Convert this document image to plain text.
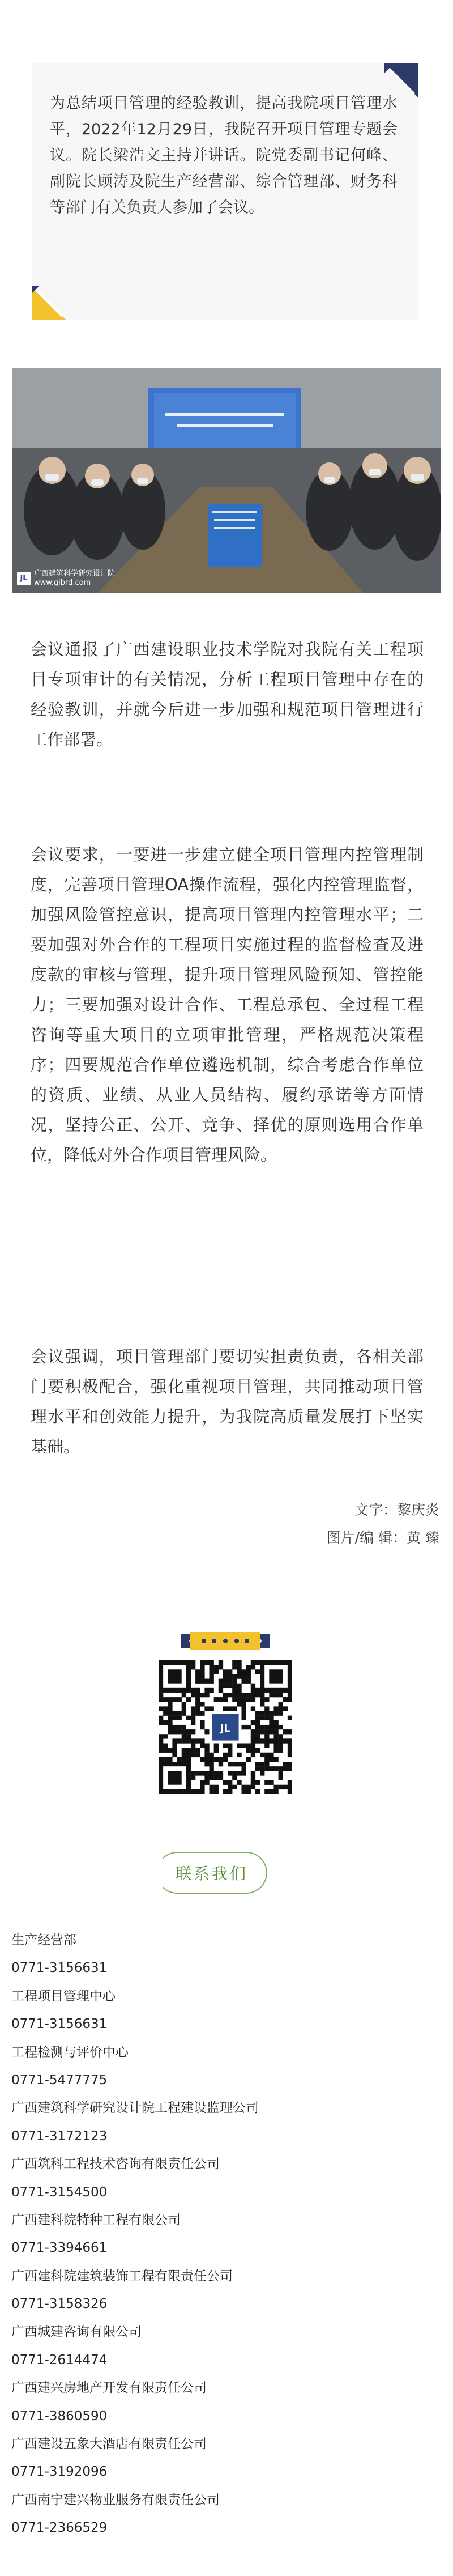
为总结项目管理的经验教训，提高我院项目管理水平，2022年12月29日，我院召开项目管理专题会议。院长梁浩文主持并讲话。院党委副书记何峰、副院长顾涛及院生产经营部、综合管理部、财务科等部门有关负责人参加了会议。
JL
广西建筑科学研究设计院
www.gibrd.com
会议通报了广西建设职业技术学院对我院有关工程项目专项审计的有关情况，分析工程项目管理中存在的经验教训，并就今后进一步加强和规范项目管理进行工作部署。
会议要求，一要进一步建立健全项目管理内控管理制度，完善项目管理OA操作流程，强化内控管理监督，加强风险管控意识，提高项目管理内控管理水平；二要加强对外合作的工程项目实施过程的监督检查及进度款的审核与管理，提升项目管理风险预知、管控能力；三要加强对设计合作、工程总承包、全过程工程咨询等重大项目的立项审批管理，严格规范决策程序；四要规范合作单位遴选机制，综合考虑合作单位的资质、业绩、从业人员结构、履约承诺等方面情况，坚持公正、公开、竞争、择优的原则选用合作单位，降低对外合作项目管理风险。
会议强调，项目管理部门要切实担责负责，各相关部门要积极配合，强化重视项目管理，共同推动项目管理水平和创效能力提升，为我院高质量发展打下坚实基础。
文字：黎庆炎
图片/编 辑：黄 臻
JL
联系我们
生产经营部
0771-3156631
工程项目管理中心
0771-3156631
工程检测与评价中心
0771-5477775
广西建筑科学研究设计院工程建设监理公司
0771-3172123
广西筑科工程技术咨询有限责任公司
0771-3154500
广西建科院特种工程有限公司
0771-3394661
广西建科院建筑装饰工程有限责任公司
0771-3158326
广西城建咨询有限公司
0771-2614474
广西建兴房地产开发有限责任公司
0771-3860590
广西建设五象大酒店有限责任公司
0771-3192096
广西南宁建兴物业服务有限责任公司
0771-2366529
